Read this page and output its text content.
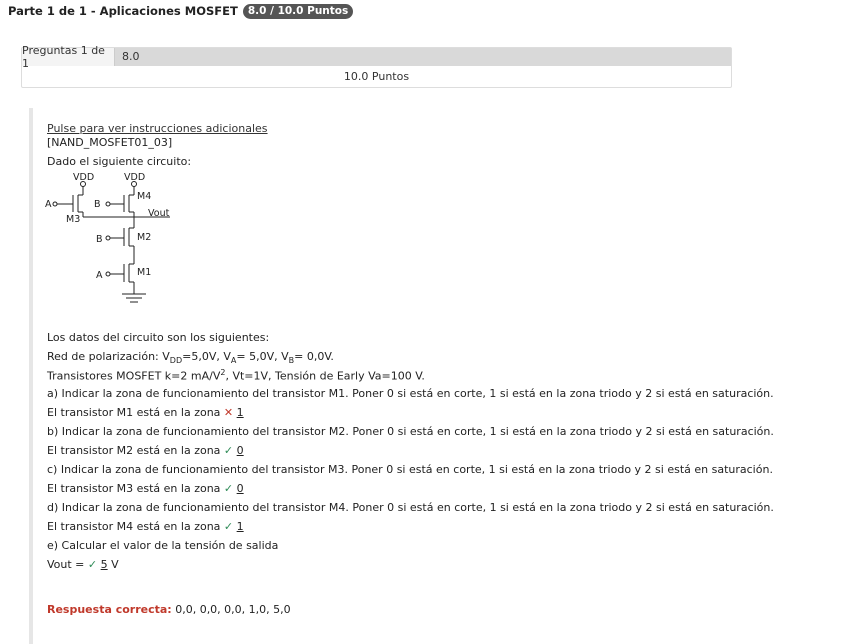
Parte 1 de 1 - Aplicaciones MOSFET 8.0 / 10.0 Puntos
Preguntas 1 de 1
8.0
10.0 Puntos
Pulse para ver instrucciones adicionales
[NAND_MOSFET01_03]
Dado el siguiente circuito:
VDD	VDD
A
M3
B
M4
Vout
B	M2
A	M1
Los datos del circuito son los siguientes:
Red de polarización: $V_{DD}=5,0V$, $V_A= 5,0V$, $V_B= 0,0V$.
Transistores MOSFET k=2 $mA/V^2$, Vt=1V, Tensión de Early Va=100 V.
a) Indicar la zona de funcionamiento del transistor M1. Poner 0 si está en corte, 1 si está en la zona triodo y 2 si está en saturación.
El transistor M1 está en la zona ✕ 1
b) Indicar la zona de funcionamiento del transistor M2. Poner 0 si está en corte, 1 si está en la zona triodo y 2 si está en saturación.
El transistor M2 está en la zona ✓ 0
c) Indicar la zona de funcionamiento del transistor M3. Poner 0 si está en corte, 1 si está en la zona triodo y 2 si está en saturación.
El transistor M3 está en la zona ✓ 0
d) Indicar la zona de funcionamiento del transistor M4. Poner 0 si está en corte, 1 si está en la zona triodo y 2 si está en saturación.
El transistor M4 está en la zona ✓ 1
e) Calcular el valor de la tensión de salida
Vout = ✓ 5 V
Respuesta correcta: 0,0, 0,0, 0,0, 1,0, 5,0
